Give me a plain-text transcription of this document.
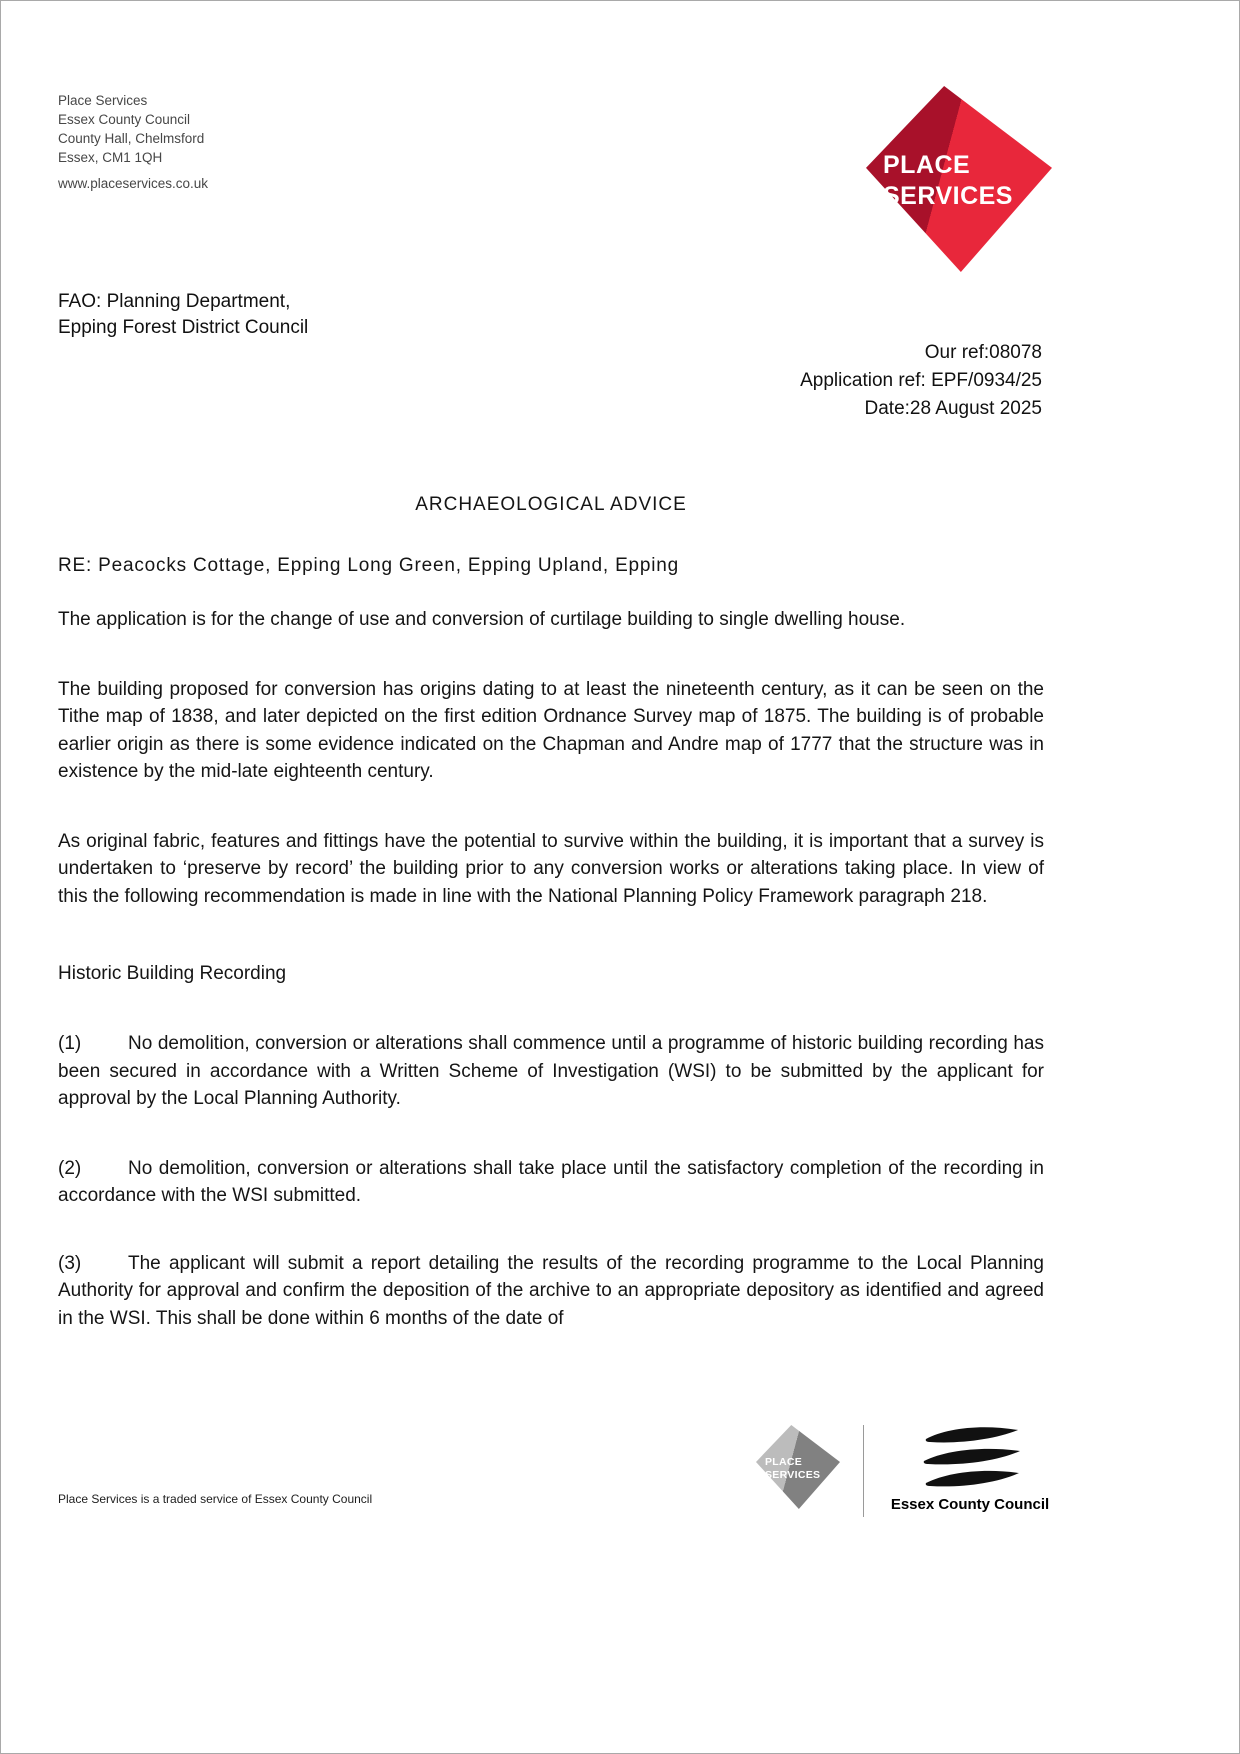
Place Services
Essex County Council
County Hall, Chelmsford
Essex, CM1 1QH
www.placeservices.co.uk
PLACE
SERVICES
FAO: Planning Department,
Epping Forest District Council
Our ref:08078
Application ref: EPF/0934/25
Date:28 August 2025
ARCHAEOLOGICAL ADVICE
RE: Peacocks Cottage, Epping Long Green, Epping Upland, Epping

The application is for the change of use and conversion of curtilage building to single dwelling house.

The building proposed for conversion has origins dating to at least the nineteenth century, as it can be seen on the Tithe map of 1838, and later depicted on the first edition Ordnance Survey map of 1875. The building is of probable earlier origin as there is some evidence indicated on the Chapman and Andre map of 1777 that the structure was in existence by the mid-late eighteenth century.

As original fabric, features and fittings have the potential to survive within the building, it is important that a survey is undertaken to ‘preserve by record’ the building prior to any conversion works or alterations taking place. In view of this the following recommendation is made in line with the National Planning Policy Framework paragraph 218.

Historic Building Recording

(1) No demolition, conversion or alterations shall commence until a programme of historic building recording has been secured in accordance with a Written Scheme of Investigation (WSI) to be submitted by the applicant for approval by the Local Planning Authority.

(2) No demolition, conversion or alterations shall take place until the satisfactory completion of the recording in accordance with the WSI submitted.

(3) The applicant will submit a report detailing the results of the recording programme to the Local Planning Authority for approval and confirm the deposition of the archive to an appropriate depository as identified and agreed in the WSI. This shall be done within 6 months of the date of

Place Services is a traded service of Essex County Council
PLACE
SERVICES
Essex County Council
